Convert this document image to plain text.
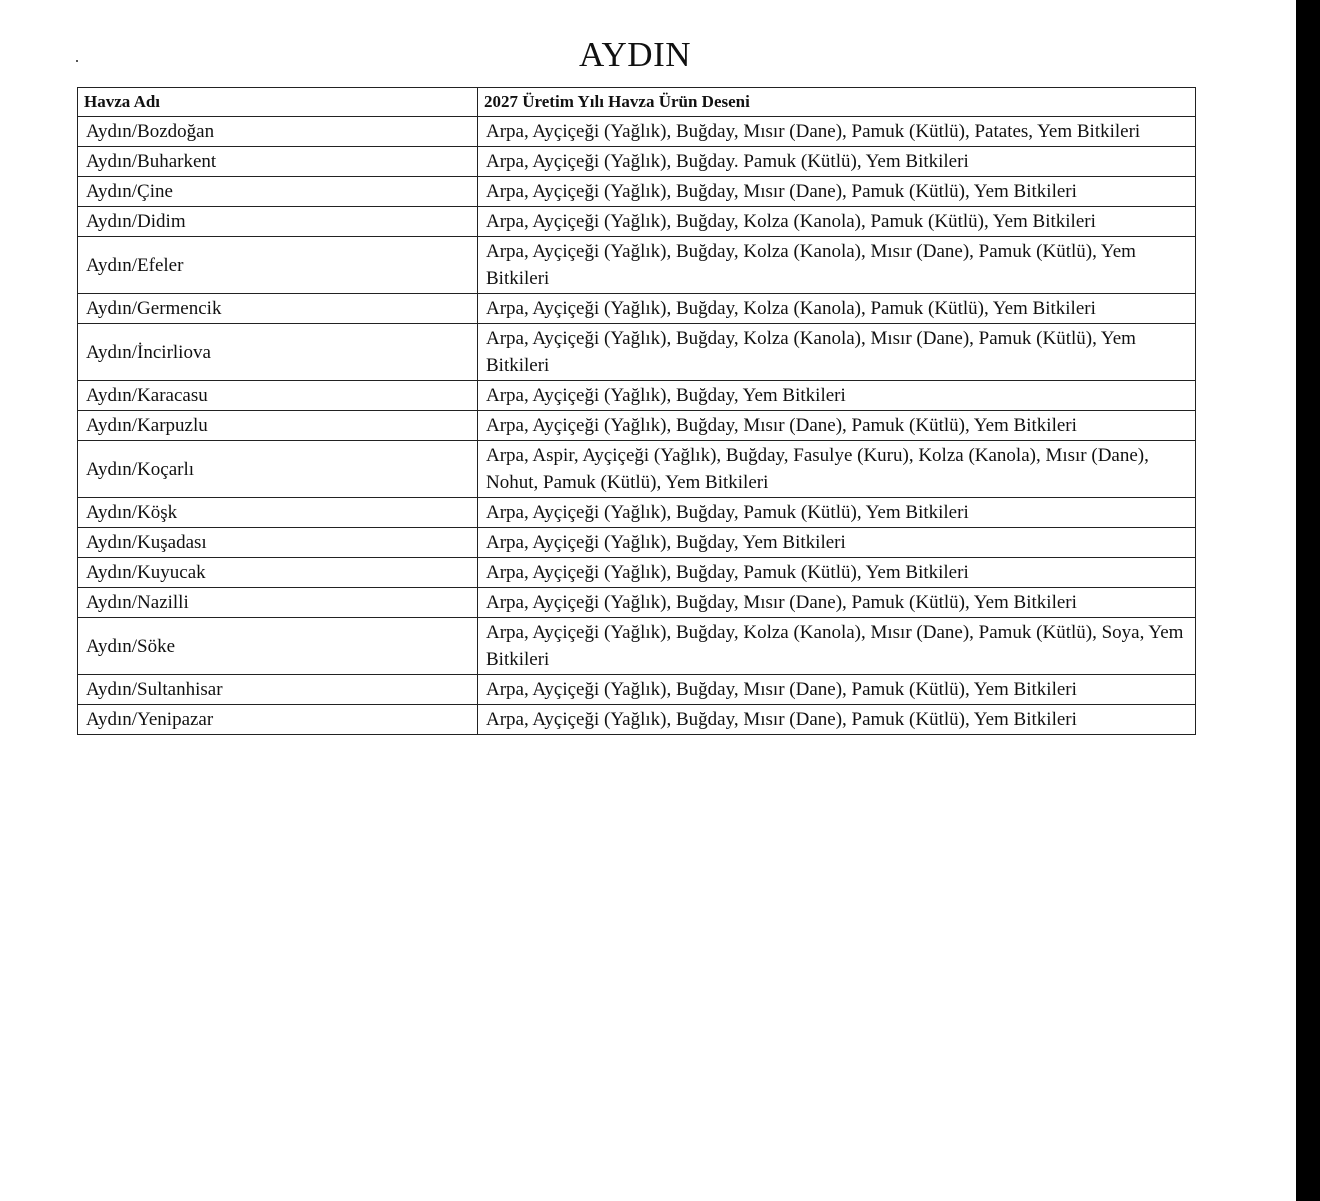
AYDIN
Havza Adı	2027 Üretim Yılı Havza Ürün Deseni
Aydın/Bozdoğan	Arpa, Ayçiçeği (Yağlık), Buğday, Mısır (Dane), Pamuk (Kütlü), Patates, Yem Bitkileri
Aydın/Buharkent	Arpa, Ayçiçeği (Yağlık), Buğday. Pamuk (Kütlü), Yem Bitkileri
Aydın/Çine	Arpa, Ayçiçeği (Yağlık), Buğday, Mısır (Dane), Pamuk (Kütlü), Yem Bitkileri
Aydın/Didim	Arpa, Ayçiçeği (Yağlık), Buğday, Kolza (Kanola), Pamuk (Kütlü), Yem Bitkileri
Aydın/Efeler	Arpa, Ayçiçeği (Yağlık), Buğday, Kolza (Kanola), Mısır (Dane), Pamuk (Kütlü), Yem Bitkileri
Aydın/Germencik	Arpa, Ayçiçeği (Yağlık), Buğday, Kolza (Kanola), Pamuk (Kütlü), Yem Bitkileri
Aydın/İncirliova	Arpa, Ayçiçeği (Yağlık), Buğday, Kolza (Kanola), Mısır (Dane), Pamuk (Kütlü), Yem Bitkileri
Aydın/Karacasu	Arpa, Ayçiçeği (Yağlık), Buğday, Yem Bitkileri
Aydın/Karpuzlu	Arpa, Ayçiçeği (Yağlık), Buğday, Mısır (Dane), Pamuk (Kütlü), Yem Bitkileri
Aydın/Koçarlı	Arpa, Aspir, Ayçiçeği (Yağlık), Buğday, Fasulye (Kuru), Kolza (Kanola), Mısır (Dane), Nohut, Pamuk (Kütlü), Yem Bitkileri
Aydın/Köşk	Arpa, Ayçiçeği (Yağlık), Buğday, Pamuk (Kütlü), Yem Bitkileri
Aydın/Kuşadası	Arpa, Ayçiçeği (Yağlık), Buğday, Yem Bitkileri
Aydın/Kuyucak	Arpa, Ayçiçeği (Yağlık), Buğday, Pamuk (Kütlü), Yem Bitkileri
Aydın/Nazilli	Arpa, Ayçiçeği (Yağlık), Buğday, Mısır (Dane), Pamuk (Kütlü), Yem Bitkileri
Aydın/Söke	Arpa, Ayçiçeği (Yağlık), Buğday, Kolza (Kanola), Mısır (Dane), Pamuk (Kütlü), Soya, Yem Bitkileri
Aydın/Sultanhisar	Arpa, Ayçiçeği (Yağlık), Buğday, Mısır (Dane), Pamuk (Kütlü), Yem Bitkileri
Aydın/Yenipazar	Arpa, Ayçiçeği (Yağlık), Buğday, Mısır (Dane), Pamuk (Kütlü), Yem Bitkileri
